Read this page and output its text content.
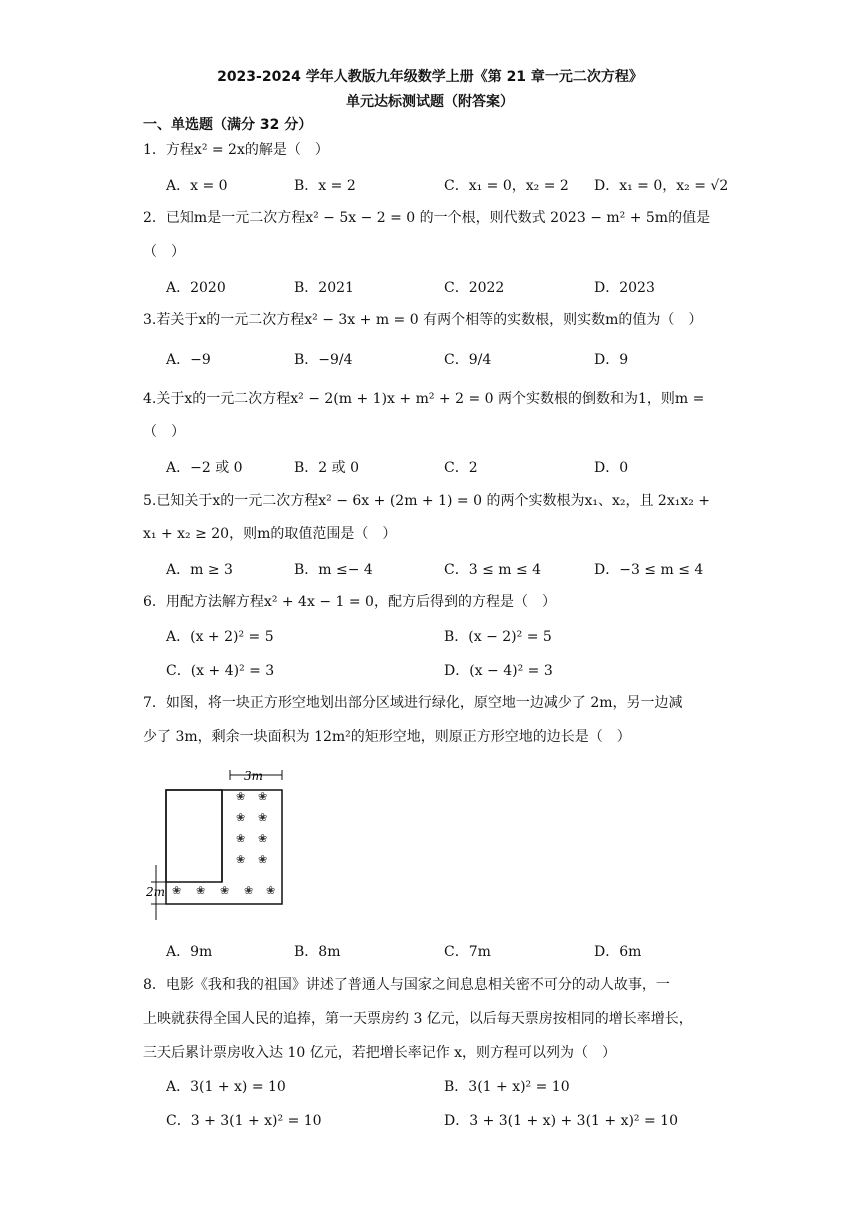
2023-2024 学年人教版九年级数学上册《第 21 章一元二次方程》
单元达标测试题（附答案）
一、单选题（满分 32 分）
1．方程x² = 2x的解是（　）
A．x = 0	B．x = 2	C．x₁ = 0，x₂ = 2 D．x₁ = 0，x₂ = √2
2．已知m是一元二次方程x² − 5x − 2 = 0 的一个根，则代数式 2023 − m² + 5m的值是
（　）
A．2020	B．2021	C．2022	D．2023
3.若关于x的一元二次方程x² − 3x + m = 0 有两个相等的实数根，则实数m的值为（　）
A．−9	B．−9/4	C．9/4	D．9
4.关于x的一元二次方程x² − 2(m + 1)x + m² + 2 = 0 两个实数根的倒数和为1，则m =
（　）
A．−2 或 0	B．2 或 0	C．2	D．0
5.已知关于x的一元二次方程x² − 6x + (2m + 1) = 0 的两个实数根为x₁、x₂，且 2x₁x₂ +
x₁ + x₂ ≥ 20，则m的取值范围是（　）
A．m ≥ 3	B．m ≤− 4	C．3 ≤ m ≤ 4	D．−3 ≤ m ≤ 4
6．用配方法解方程x² + 4x − 1 = 0，配方后得到的方程是（　）
A．(x + 2)² = 5	B．(x − 2)² = 5
C．(x + 4)² = 3	D．(x − 4)² = 3
7．如图，将一块正方形空地划出部分区域进行绿化，原空地一边减少了 2m，另一边减
少了 3m，剩余一块面积为 12m²的矩形空地，则原正方形空地的边长是（　）
3m
2m
❀ ❀
❀ ❀
❀ ❀
❀ ❀
❀ ❀ ❀ ❀ ❀
A．9m	B．8m	C．7m	D．6m
8．电影《我和我的祖国》讲述了普通人与国家之间息息相关密不可分的动人故事，一
上映就获得全国人民的追捧，第一天票房约 3 亿元，以后每天票房按相同的增长率增长，
三天后累计票房收入达 10 亿元，若把增长率记作 x，则方程可以列为（　）
A．3(1 + x) = 10	B．3(1 + x)² = 10
C．3 + 3(1 + x)² = 10	D．3 + 3(1 + x) + 3(1 + x)² = 10
